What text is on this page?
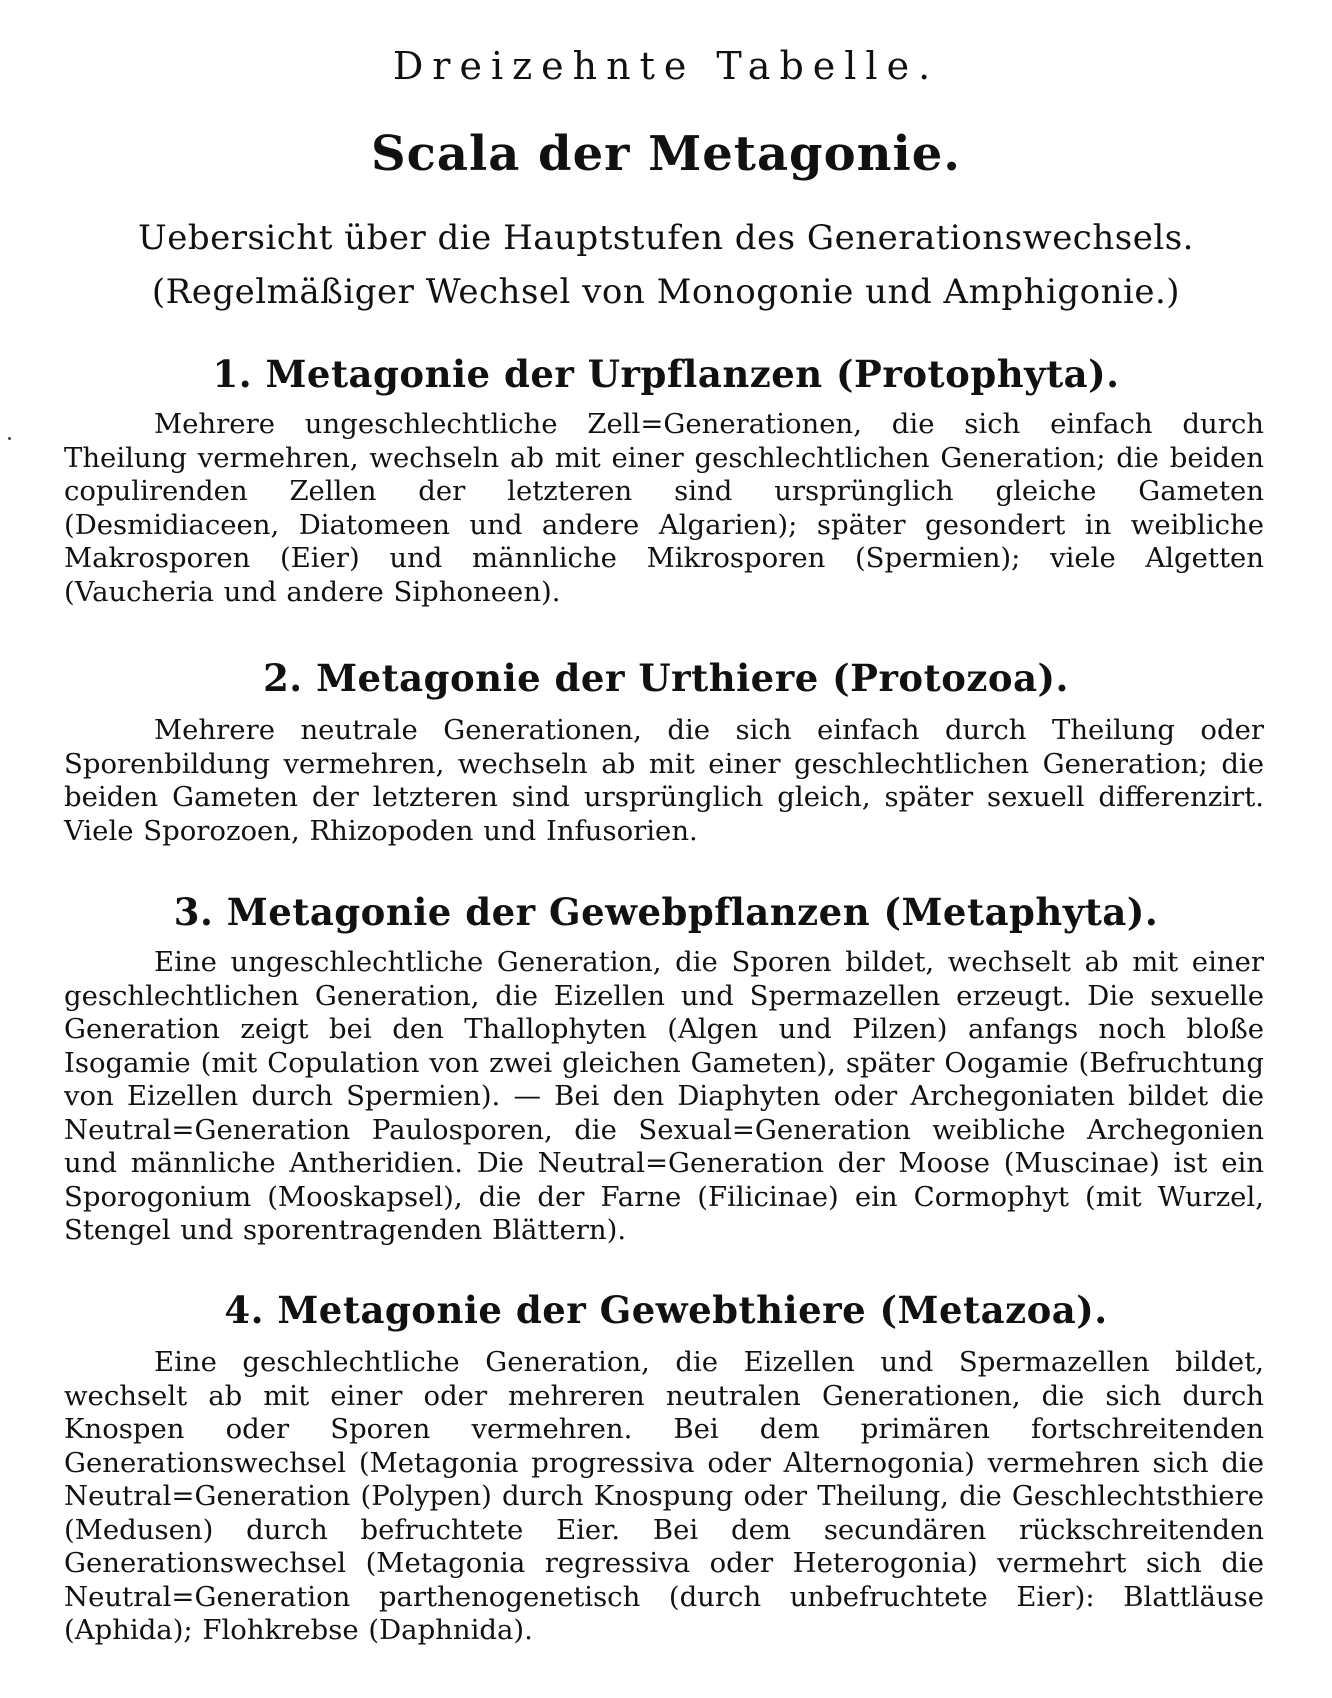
Dreizehnte Tabelle.
Scala der Metagonie.
Uebersicht über die Hauptstufen des Generationswechsels.
(Regelmäßiger Wechsel von Monogonie und Amphigonie.)
1. Metagonie der Urpflanzen (Protophyta).
Mehrere ungeschlechtliche Zell=Generationen, die sich einfach durch Theilung vermehren, wechseln ab mit einer geschlechtlichen Generation; die beiden copulirenden Zellen der letzteren sind ursprünglich gleiche Gameten (Desmidiaceen, Diatomeen und andere Algarien); später gesondert in weibliche Makrosporen (Eier) und männliche Mikrosporen (Spermien); viele Algetten (Vaucheria und andere Siphoneen).
2. Metagonie der Urthiere (Protozoa).
Mehrere neutrale Generationen, die sich einfach durch Theilung oder Sporenbildung vermehren, wechseln ab mit einer geschlechtlichen Generation; die beiden Gameten der letzteren sind ursprünglich gleich, später sexuell differenzirt. Viele Sporozoen, Rhizopoden und Infusorien.
3. Metagonie der Gewebpflanzen (Metaphyta).
Eine ungeschlechtliche Generation, die Sporen bildet, wechselt ab mit einer geschlechtlichen Generation, die Eizellen und Spermazellen erzeugt. Die sexuelle Generation zeigt bei den Thallophyten (Algen und Pilzen) anfangs noch bloße Isogamie (mit Copulation von zwei gleichen Gameten), später Oogamie (Befruchtung von Eizellen durch Spermien). — Bei den Diaphyten oder Archegoniaten bildet die Neutral=Generation Paulosporen, die Sexual=Generation weibliche Archegonien und männliche Antheridien. Die Neutral=Generation der Moose (Muscinae) ist ein Sporogonium (Mooskapsel), die der Farne (Filicinae) ein Cormophyt (mit Wurzel, Stengel und sporentragenden Blättern).
4. Metagonie der Gewebthiere (Metazoa).
Eine geschlechtliche Generation, die Eizellen und Spermazellen bildet, wechselt ab mit einer oder mehreren neutralen Generationen, die sich durch Knospen oder Sporen vermehren. Bei dem primären fortschreitenden Generationswechsel (Metagonia progressiva oder Alternogonia) vermehren sich die Neutral=Generation (Polypen) durch Knospung oder Theilung, die Geschlechtsthiere (Medusen) durch befruchtete Eier. Bei dem secundären rückschreitenden Generationswechsel (Metagonia regressiva oder Heterogonia) vermehrt sich die Neutral=Generation parthenogenetisch (durch unbefruchtete Eier): Blattläuse (Aphida); Flohkrebse (Daphnida).
